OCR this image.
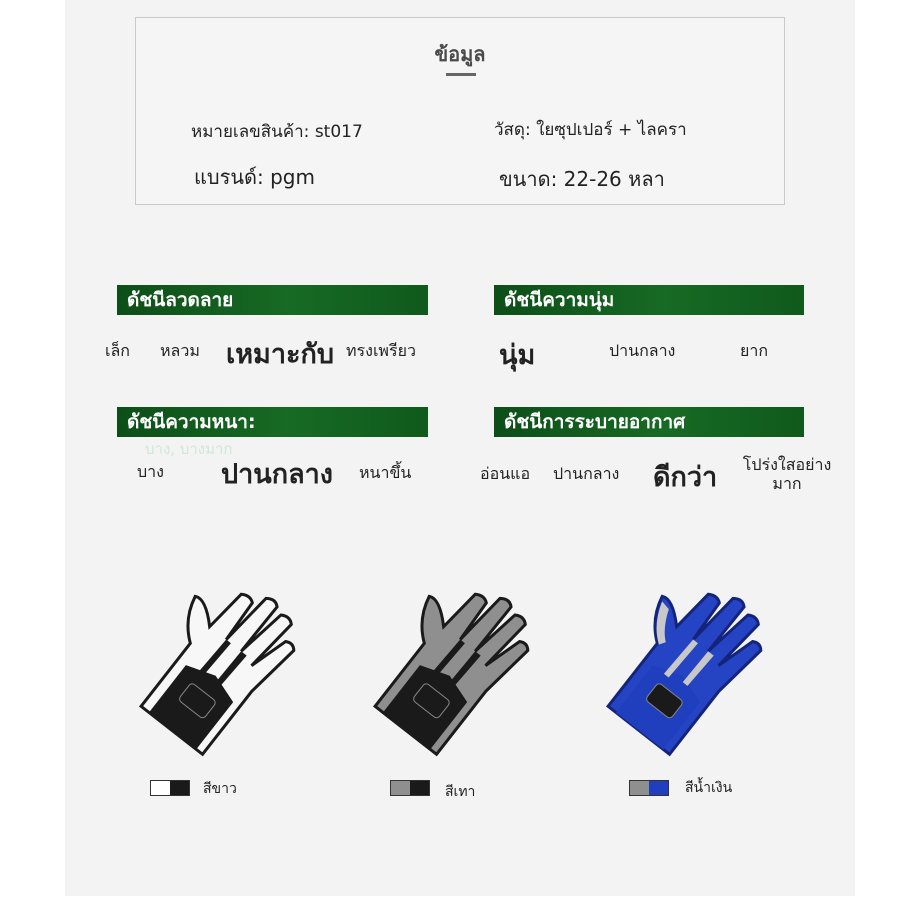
ข้อมูล
หมายเลขสินค้า: st017	วัสดุ: ใยซุปเปอร์ + ไลครา
แบรนด์: pgm	ขนาด: 22-26 หลา
ดัชนีลวดลาย
เล็ก หลวม เหมาะกับ ทรงเพรียว
ดัชนีความนุ่ม
นุ่ม	ปานกลาง	ยาก
ดัชนีความหนา:
บาง, บางมาก
บาง ปานกลาง หนาขึ้น
ดัชนีการระบายอากาศ
อ่อนแอ ปานกลาง ดีกว่า	โปร่งใสอย่างมาก
สีขาว	สีเทา	สีน้ำเงิน
